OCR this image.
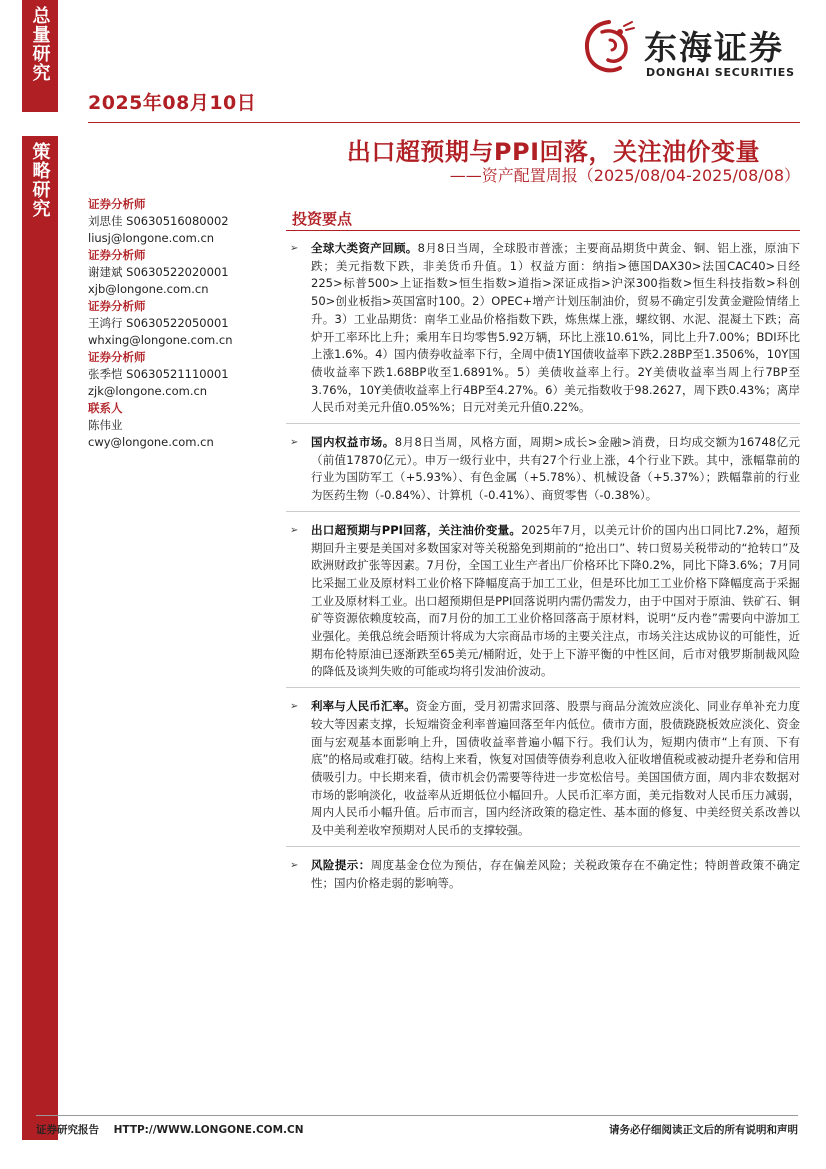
总量研究
2025年08月10日
东海证券
DONGHAI SECURITIES
策略研究	出口超预期与PPI回落，关注油价变量
——资产配置周报（2025/08/04-2025/08/08）
证券分析师
刘思佳 S0630516080002
liusj@longone.com.cn
证券分析师
谢建斌 S0630522020001
xjb@longone.com.cn
证券分析师
王鸿行 S0630522050001
whxing@longone.com.cn
证券分析师
张季恺 S0630521110001
zjk@longone.com.cn
联系人
陈伟业
cwy@longone.com.cn
投资要点
➢ 全球大类资产回顾。8月8日当周，全球股市普涨；主要商品期货中黄金、铜、铝上涨，原油下跌；美元指数下跌，非美货币升值。1）权益方面：纳指>德国DAX30>法国CAC40>日经225>标普500>上证指数>恒生指数>道指>深证成指>沪深300指数>恒生科技指数>科创50>创业板指>英国富时100。2）OPEC+增产计划压制油价，贸易不确定引发黄金避险情绪上升。3）工业品期货：南华工业品价格指数下跌，炼焦煤上涨，螺纹钢、水泥、混凝土下跌；高炉开工率环比上升；乘用车日均零售5.92万辆，环比上涨10.61%，同比上升7.00%；BDI环比上涨1.6%。4）国内债券收益率下行，全周中债1Y国债收益率下跌2.28BP至1.3506%，10Y国债收益率下跌1.68BP收至1.6891%。5）美债收益率上行。2Y美债收益率当周上行7BP至3.76%，10Y美债收益率上行4BP至4.27%。6）美元指数收于98.2627，周下跌0.43%；离岸人民币对美元升值0.05%%；日元对美元升值0.22%。
➢ 国内权益市场。8月8日当周，风格方面，周期>成长>金融>消费，日均成交额为16748亿元（前值17870亿元）。申万一级行业中，共有27个行业上涨，4个行业下跌。其中，涨幅靠前的行业为国防军工（+5.93%）、有色金属（+5.78%）、机械设备（+5.37%）；跌幅靠前的行业为医药生物（-0.84%）、计算机（-0.41%）、商贸零售（-0.38%）。
➢ 出口超预期与PPI回落，关注油价变量。2025年7月，以美元计价的国内出口同比7.2%，超预期回升主要是美国对多数国家对等关税豁免到期前的“抢出口”、转口贸易关税带动的“抢转口”及欧洲财政扩张等因素。7月份，全国工业生产者出厂价格环比下降0.2%，同比下降3.6%；7月同比采掘工业及原材料工业价格下降幅度高于加工工业，但是环比加工工业价格下降幅度高于采掘工业及原材料工业。出口超预期但是PPI回落说明内需仍需发力，由于中国对于原油、铁矿石、铜矿等资源依赖度较高，而7月份的加工工业价格回落高于原材料，说明“反内卷”需要向中游加工业强化。美俄总统会晤预计将成为大宗商品市场的主要关注点，市场关注达成协议的可能性，近期布伦特原油已逐渐跌至65美元/桶附近，处于上下游平衡的中性区间，后市对俄罗斯制裁风险的降低及谈判失败的可能或均将引发油价波动。
➢ 利率与人民币汇率。资金方面，受月初需求回落、股票与商品分流效应淡化、同业存单补充力度较大等因素支撑，长短端资金利率普遍回落至年内低位。债市方面，股债跷跷板效应淡化、资金面与宏观基本面影响上升，国债收益率普遍小幅下行。我们认为，短期内债市“上有顶、下有底”的格局或难打破。结构上来看，恢复对国债等债券利息收入征收增值税或被动提升老券和信用债吸引力。中长期来看，债市机会仍需要等待进一步宽松信号。美国国债方面，周内非农数据对市场的影响淡化，收益率从近期低位小幅回升。人民币汇率方面，美元指数对人民币压力减弱，周内人民币小幅升值。后市而言，国内经济政策的稳定性、基本面的修复、中美经贸关系改善以及中美利差收窄预期对人民币的支撑较强。
➢ 风险提示：周度基金仓位为预估，存在偏差风险；关税政策存在不确定性；特朗普政策不确定性；国内价格走弱的影响等。
证券研究报告    HTTP://WWW.LONGONE.COM.CN	请务必仔细阅读正文后的所有说明和声明
